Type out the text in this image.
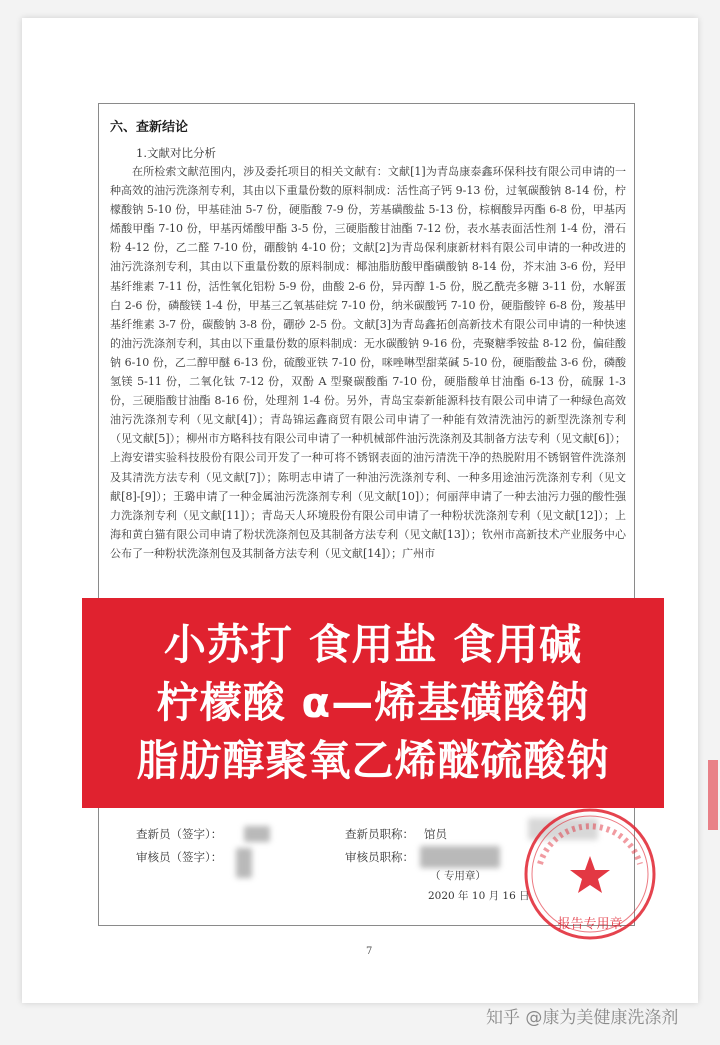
六、查新结论
1.文献对比分析

在所检索文献范围内，涉及委托项目的相关文献有：文献[1]为青岛康泰鑫环保科技有限公司申请的一种高效的油污洗涤剂专利，其由以下重量份数的原料制成：活性高子钙 9-13 份，过氧碳酸钠 8-14 份，柠檬酸钠 5-10 份，甲基硅油 5-7 份，硬脂酸 7-9 份，芳基磺酸盐 5-13 份，棕榈酸异丙酯 6-8 份，甲基丙烯酸甲酯 7-10 份，甲基丙烯酸甲酯 3-5 份，三硬脂酸甘油酯 7-12 份，表水基表面活性剂 1-4 份，滑石粉 4-12 份，乙二醛 7-10 份，硼酸钠 4-10 份；文献[2]为青岛保利康新材料有限公司申请的一种改进的油污洗涤剂专利，其由以下重量份数的原料制成：椰油脂肪酸甲酯磺酸钠 8-14 份，芥末油 3-6 份，羟甲基纤维素 7-11 份，活性氧化铝粉 5-9 份，曲酸 2-6 份，异丙醇 1-5 份，脱乙酰壳多糖 3-11 份，水解蛋白 2-6 份，磷酸镁 1-4 份，甲基三乙氧基硅烷 7-10 份，纳米碳酸钙 7-10 份，硬脂酸锌 6-8 份，羧基甲基纤维素 3-7 份，碳酸钠 3-8 份，硼砂 2-5 份。文献[3]为青岛鑫拓创高新技术有限公司申请的一种快速的油污洗涤剂专利，其由以下重量份数的原料制成：无水碳酸钠 9-16 份，壳聚糖季铵盐 8-12 份，偏硅酸钠 6-10 份，乙二醇甲醚 6-13 份，硫酸亚铁 7-10 份，咪唑啉型甜菜碱 5-10 份，硬脂酸盐 3-6 份，磷酸氢镁 5-11 份，二氧化钛 7-12 份，双酚 A 型聚碳酸酯 7-10 份，硬脂酸单甘油酯 6-13 份，硫脲 1-3 份，三硬脂酸甘油酯 8-16 份，处理剂 1-4 份。另外，青岛宝泰新能源科技有限公司申请了一种绿色高效油污洗涤剂专利（见文献[4]）；青岛锦运鑫商贸有限公司申请了一种能有效清洗油污的新型洗涤剂专利（见文献[5]）；柳州市方略科技有限公司申请了一种机械部件油污洗涤剂及其制备方法专利（见文献[6]）；上海安谱实验科技股份有限公司开发了一种可将不锈钢表面的油污清洗干净的热脱附用不锈钢管件洗涤剂及其清洗方法专利（见文献[7]）；陈明志申请了一种油污洗涤剂专利、一种多用途油污洗涤剂专利（见文献[8]-[9]）；王璐申请了一种金属油污洗涤剂专利（见文献[10]）；何丽萍申请了一种去油污力强的酸性强力洗涤剂专利（见文献[11]）；青岛天人环境股份有限公司申请了一种粉状洗涤剂专利（见文献[12]）；上海和黄白猫有限公司申请了粉状洗涤剂包及其制备方法专利（见文献[13]）；钦州市高新技术产业服务中心公布了一种粉状洗涤剂包及其制备方法专利（见文献[14]）；广州市

小苏打 食用盐 食用碱
柠檬酸 α—烯基磺酸钠
脂肪醇聚氧乙烯醚硫酸钠
查新员（签字）：	查新员职称： 馆员
审核员（签字）：	审核员职称：
（ 专用章）
2020 年 10 月 16 日
报告专用章
7
知乎 @康为美健康洗涤剂
